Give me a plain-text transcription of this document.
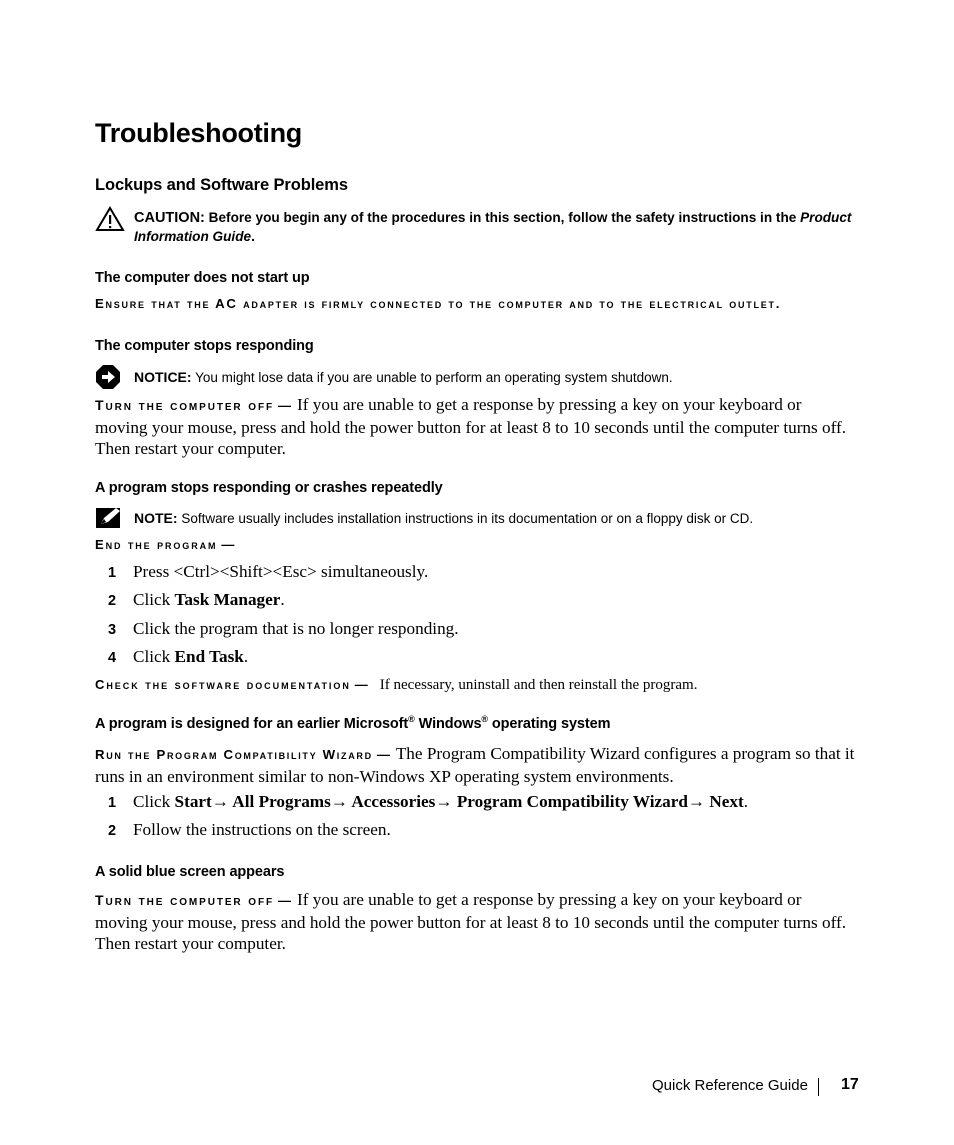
Troubleshooting
Lockups and Software Problems
CAUTION: Before you begin any of the procedures in this section, follow the safety instructions in the Product
Information Guide.
The computer does not start up
Ensure that the AC adapter is firmly connected to the computer and to the electrical outlet.
The computer stops responding
NOTICE: You might lose data if you are unable to perform an operating system shutdown.
Turn the computer off — If you are unable to get a response by pressing a key on your keyboard or moving your mouse, press and hold the power button for at least 8 to 10 seconds until the computer turns off. Then restart your computer.
A program stops responding or crashes repeatedly
NOTE: Software usually includes installation instructions in its documentation or on a floppy disk or CD.
End the program —
1 Press <Ctrl><Shift><Esc> simultaneously.
2 Click Task Manager.
3 Click the program that is no longer responding.
4 Click End Task.
Check the software documentation — If necessary, uninstall and then reinstall the program.
A program is designed for an earlier Microsoft® Windows® operating system
Run the Program Compatibility Wizard — The Program Compatibility Wizard configures a program so that it runs in an environment similar to non-Windows XP operating system environments.
1 Click Start→ All Programs→ Accessories→ Program Compatibility Wizard→ Next.
2 Follow the instructions on the screen.
A solid blue screen appears
Turn the computer off — If you are unable to get a response by pressing a key on your keyboard or moving your mouse, press and hold the power button for at least 8 to 10 seconds until the computer turns off. Then restart your computer.
Quick Reference Guide 17
